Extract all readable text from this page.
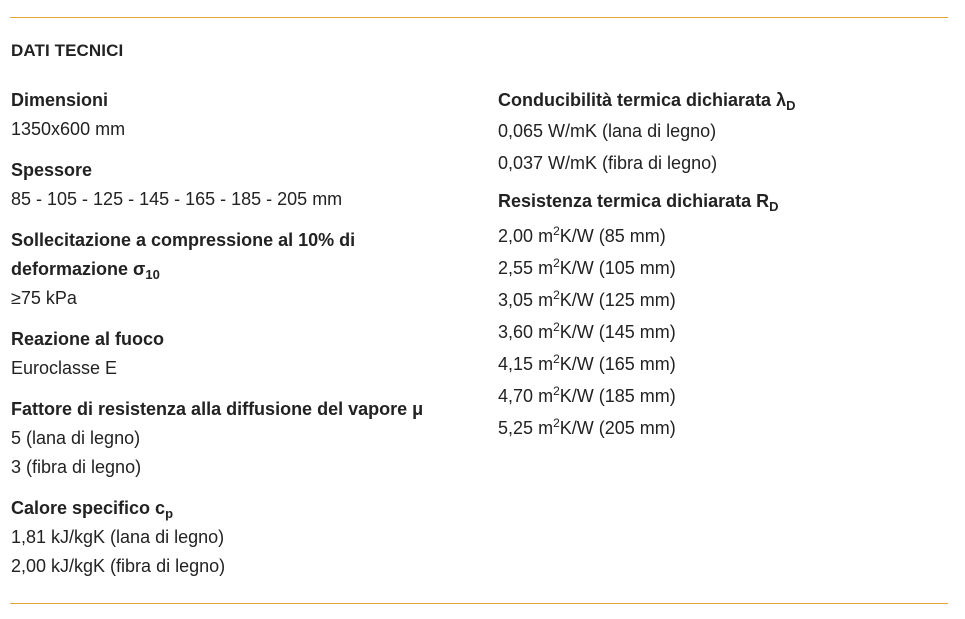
DATI TECNICI
Dimensioni
1350x600 mm
Spessore
85 - 105 - 125 - 145 - 165 - 185 - 205 mm
Sollecitazione a compressione al 10% di
deformazione $\sigma_{10}$
≥75 kPa
Reazione al fuoco
Euroclasse E
Fattore di resistenza alla diffusione del vapore μ
5 (lana di legno)
3 (fibra di legno)
Calore specifico $c_p$
1,81 kJ/kgK (lana di legno)
2,00 kJ/kgK (fibra di legno)
Conducibilità termica dichiarata $\lambda_D$
0,065 W/mK (lana di legno)
0,037 W/mK (fibra di legno)
Resistenza termica dichiarata $R_D$
2,00 $m^2K/W$ (85 mm)
2,55 $m^2K/W$ (105 mm)
3,05 $m^2K/W$ (125 mm)
3,60 $m^2K/W$ (145 mm)
4,15 $m^2K/W$ (165 mm)
4,70 $m^2K/W$ (185 mm)
5,25 $m^2K/W$ (205 mm)
